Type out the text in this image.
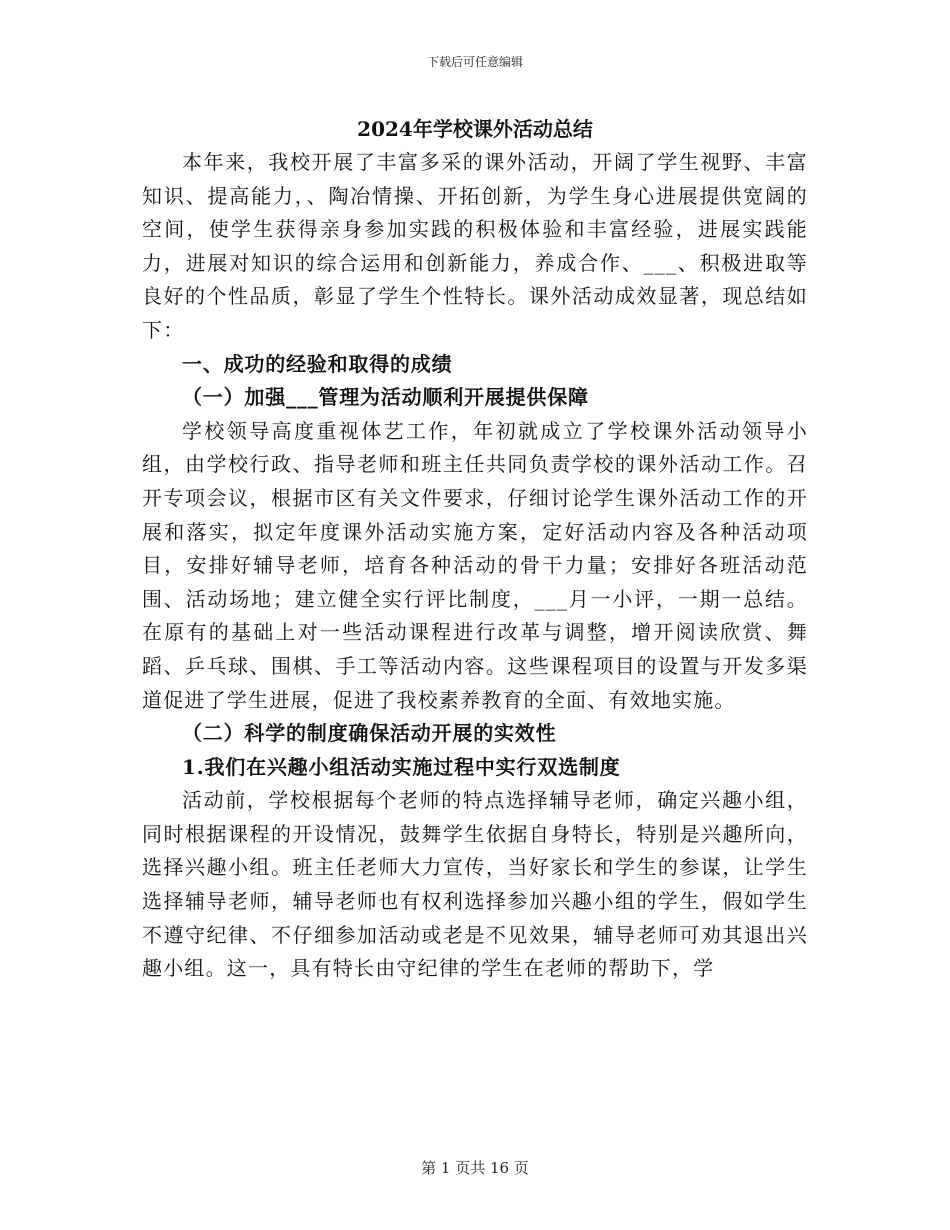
下载后可任意编辑
2024年学校课外活动总结

本年来，我校开展了丰富多采的课外活动，开阔了学生视野、丰富知识、提高能力，、陶冶情操、开拓创新，为学生身心进展提供宽阔的空间，使学生获得亲身参加实践的积极体验和丰富经验，进展实践能力，进展对知识的综合运用和创新能力，养成合作、___、积极进取等良好的个性品质，彰显了学生个性特长。课外活动成效显著，现总结如下：

一、成功的经验和取得的成绩

（一）加强___管理为活动顺利开展提供保障

学校领导高度重视体艺工作，年初就成立了学校课外活动领导小组，由学校行政、指导老师和班主任共同负责学校的课外活动工作。召开专项会议，根据市区有关文件要求，仔细讨论学生课外活动工作的开展和落实，拟定年度课外活动实施方案，定好活动内容及各种活动项目，安排好辅导老师，培育各种活动的骨干力量；安排好各班活动范围、活动场地；建立健全实行评比制度，___月一小评，一期一总结。在原有的基础上对一些活动课程进行改革与调整，增开阅读欣赏、舞蹈、乒乓球、围棋、手工等活动内容。这些课程项目的设置与开发多渠道促进了学生进展，促进了我校素养教育的全面、有效地实施。

（二）科学的制度确保活动开展的实效性

1.我们在兴趣小组活动实施过程中实行双选制度

活动前，学校根据每个老师的特点选择辅导老师，确定兴趣小组，同时根据课程的开设情况，鼓舞学生依据自身特长，特别是兴趣所向，选择兴趣小组。班主任老师大力宣传，当好家长和学生的参谋，让学生选择辅导老师，辅导老师也有权利选择参加兴趣小组的学生，假如学生不遵守纪律、不仔细参加活动或老是不见效果，辅导老师可劝其退出兴趣小组。这一，具有特长由守纪律的学生在老师的帮助下，学

第 1 页共 16 页
